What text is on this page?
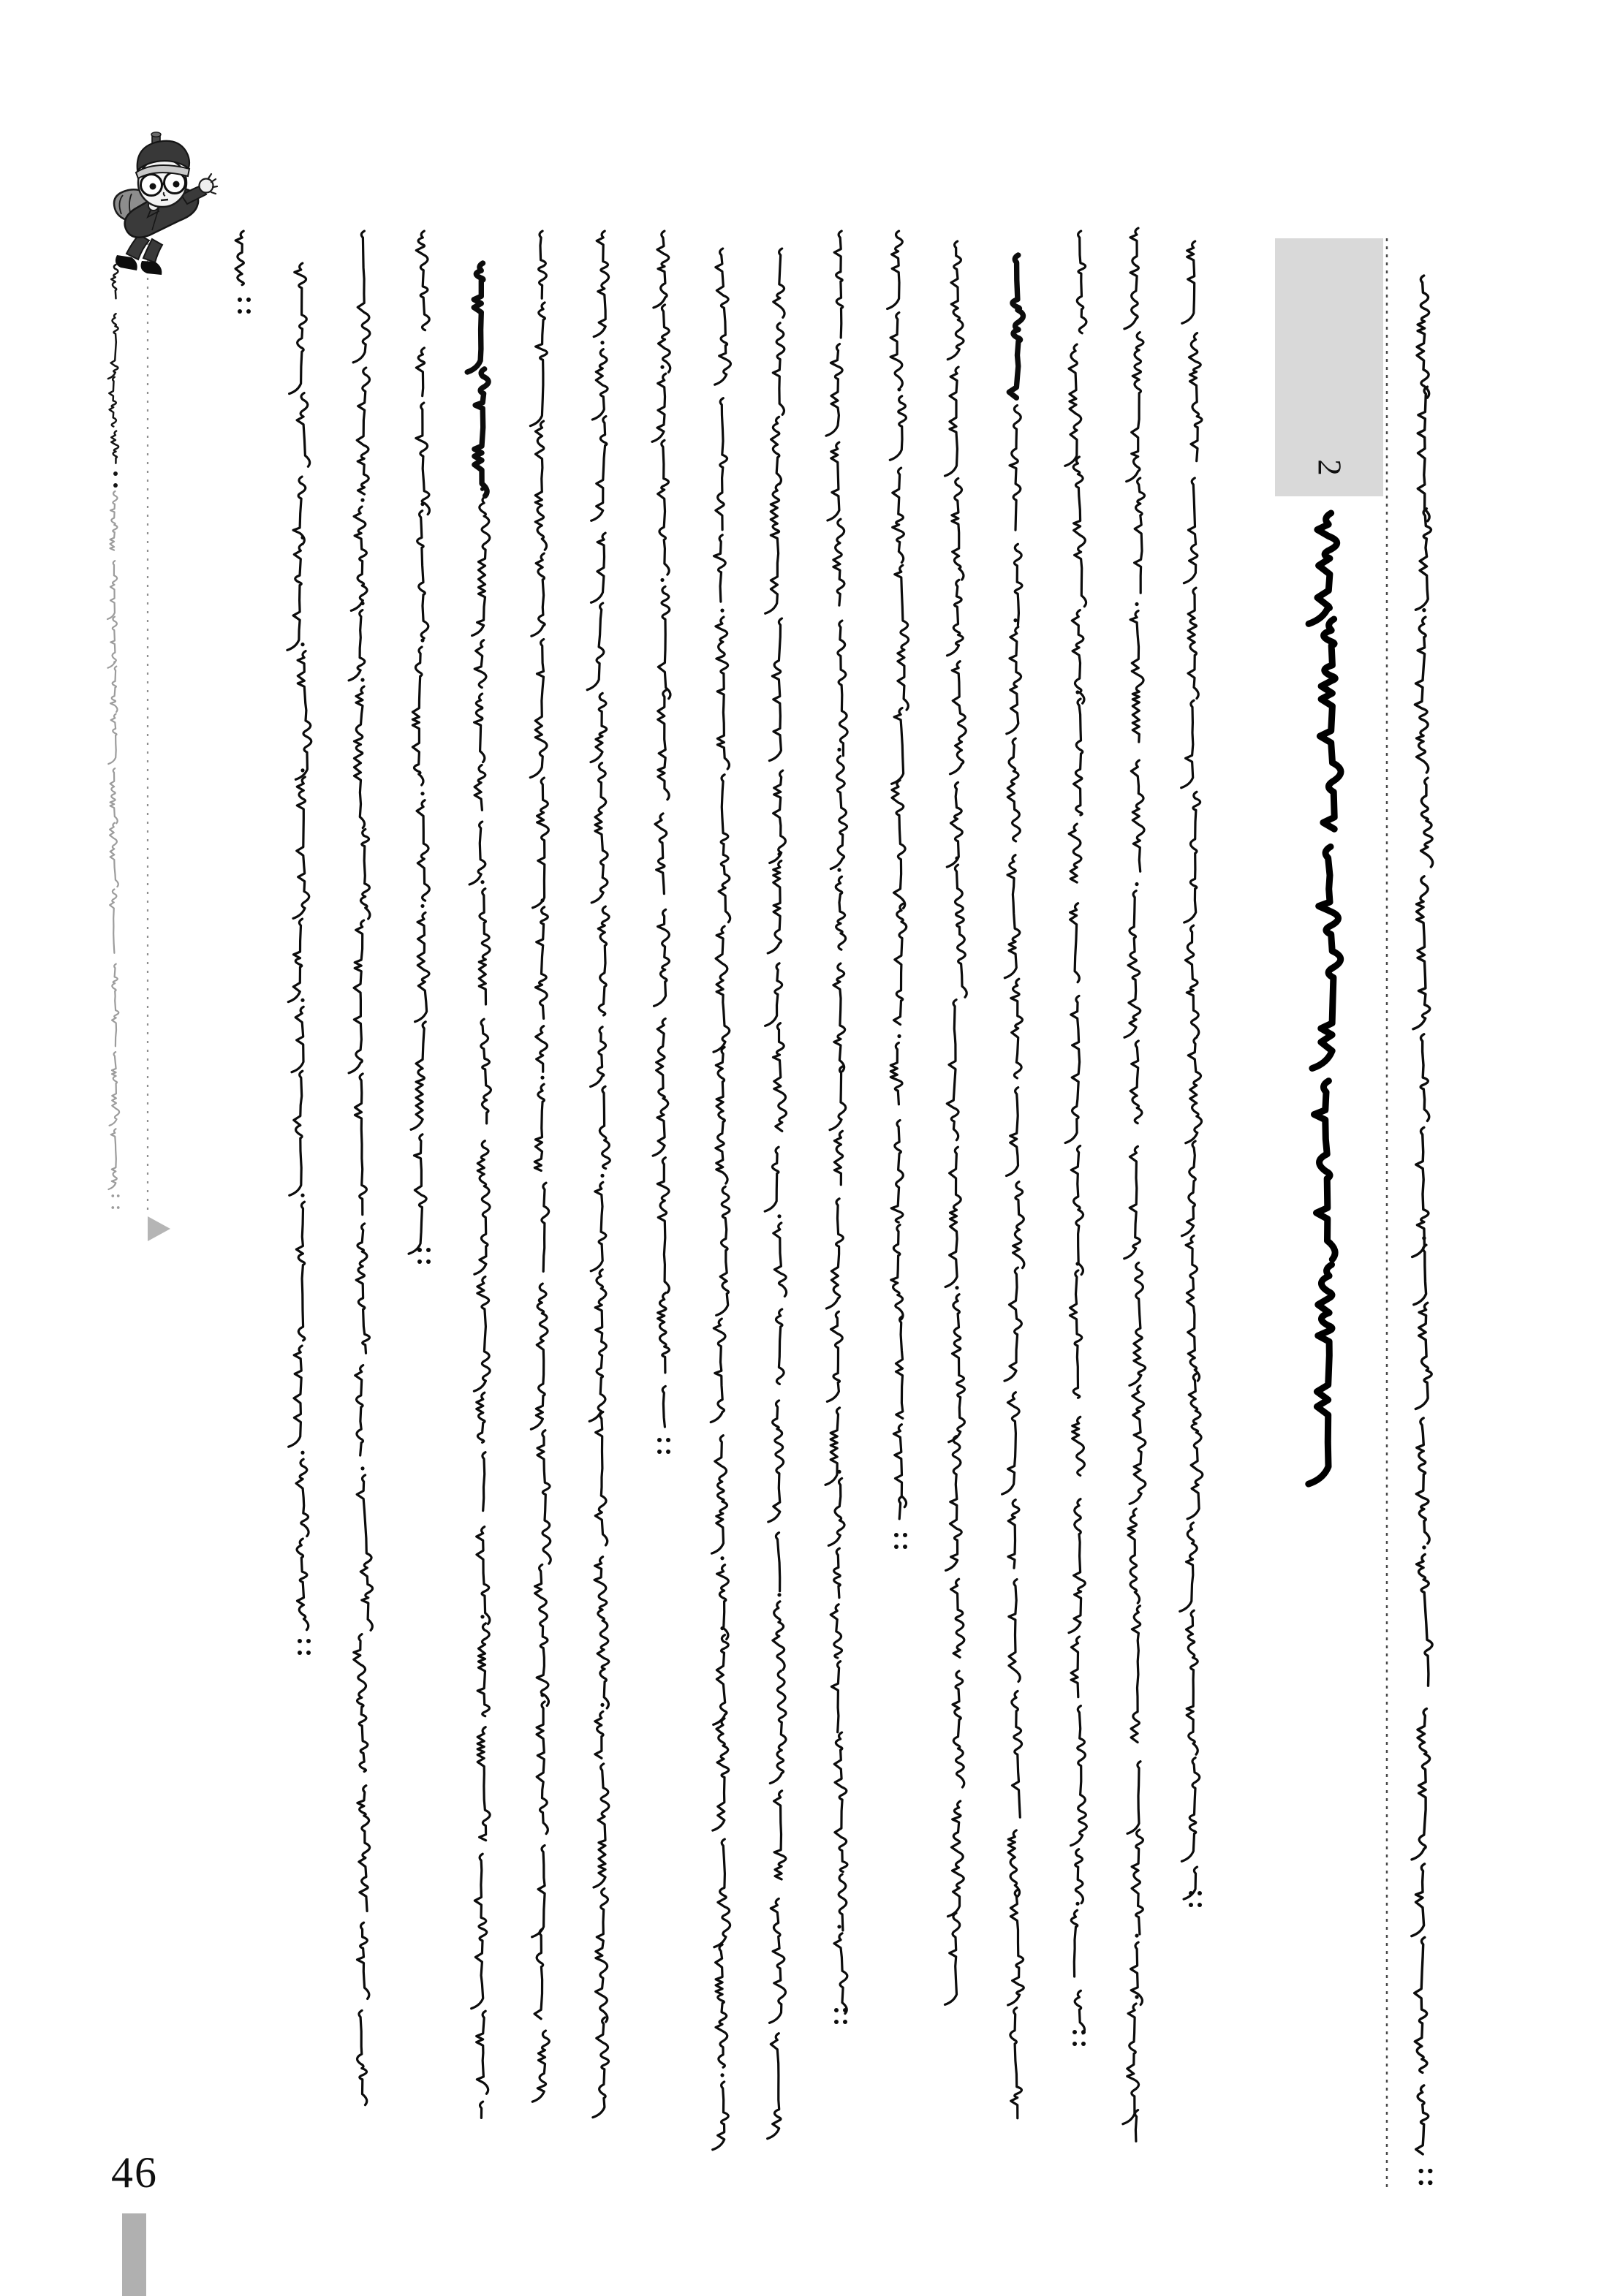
2
46
